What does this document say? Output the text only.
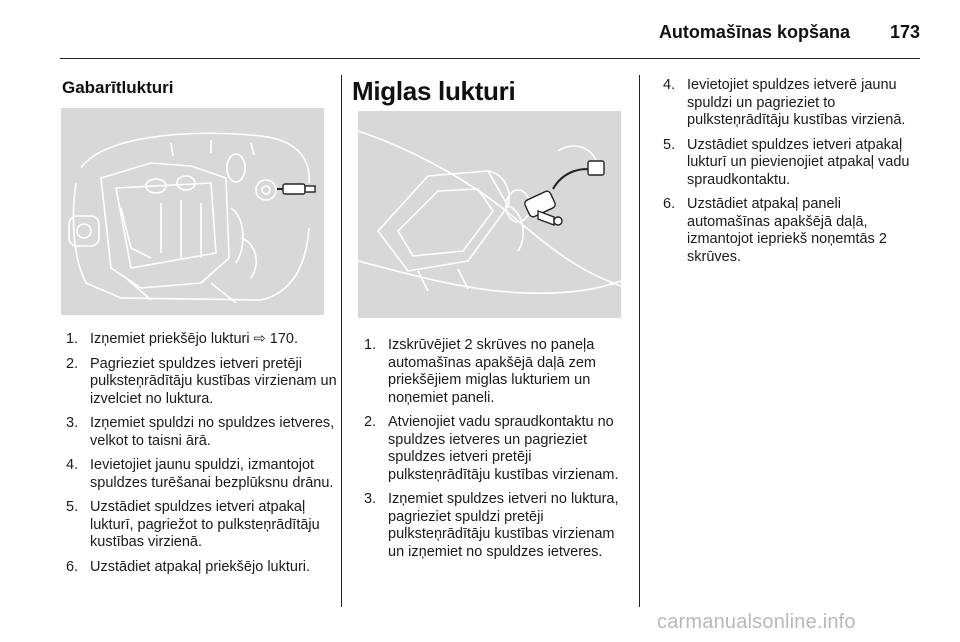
Automašīnas kopšana	173
Gabarītlukturi
1. Izņemiet priekšējo lukturi ⇨ 170.
2. Pagrieziet spuldzes ietveri pretēji pulksteņrādītāju kustības virzienam un izvelciet no luktura.
3. Izņemiet spuldzi no spuldzes ietveres, velkot to taisni ārā.
4. Ievietojiet jaunu spuldzi, izmantojot spuldzes turēšanai bezplūksnu drānu.
5. Uzstādiet spuldzes ietveri atpakaļ lukturī, pagriežot to pulksteņrādītāju kustības virzienā.
6. Uzstādiet atpakaļ priekšējo lukturi.
Miglas lukturi
1. Izskrūvējiet 2 skrūves no paneļa automašīnas apakšējā daļā zem priekšējiem miglas lukturiem un noņemiet paneli.
2. Atvienojiet vadu spraudkontaktu no spuldzes ietveres un pagrieziet spuldzes ietveri pretēji pulksteņrādītāju kustības virzienam.
3. Izņemiet spuldzes ietveri no luktura, pagrieziet spuldzi pretēji pulksteņrādītāju kustības virzienam un izņemiet no spuldzes ietveres.
4. Ievietojiet spuldzes ietverē jaunu spuldzi un pagrieziet to pulksteņrādītāju kustības virzienā.
5. Uzstādiet spuldzes ietveri atpakaļ lukturī un pievienojiet atpakaļ vadu spraudkontaktu.
6. Uzstādiet atpakaļ paneli automašīnas apakšējā daļā, izmantojot iepriekš noņemtās 2 skrūves.
carmanualsonline.info
